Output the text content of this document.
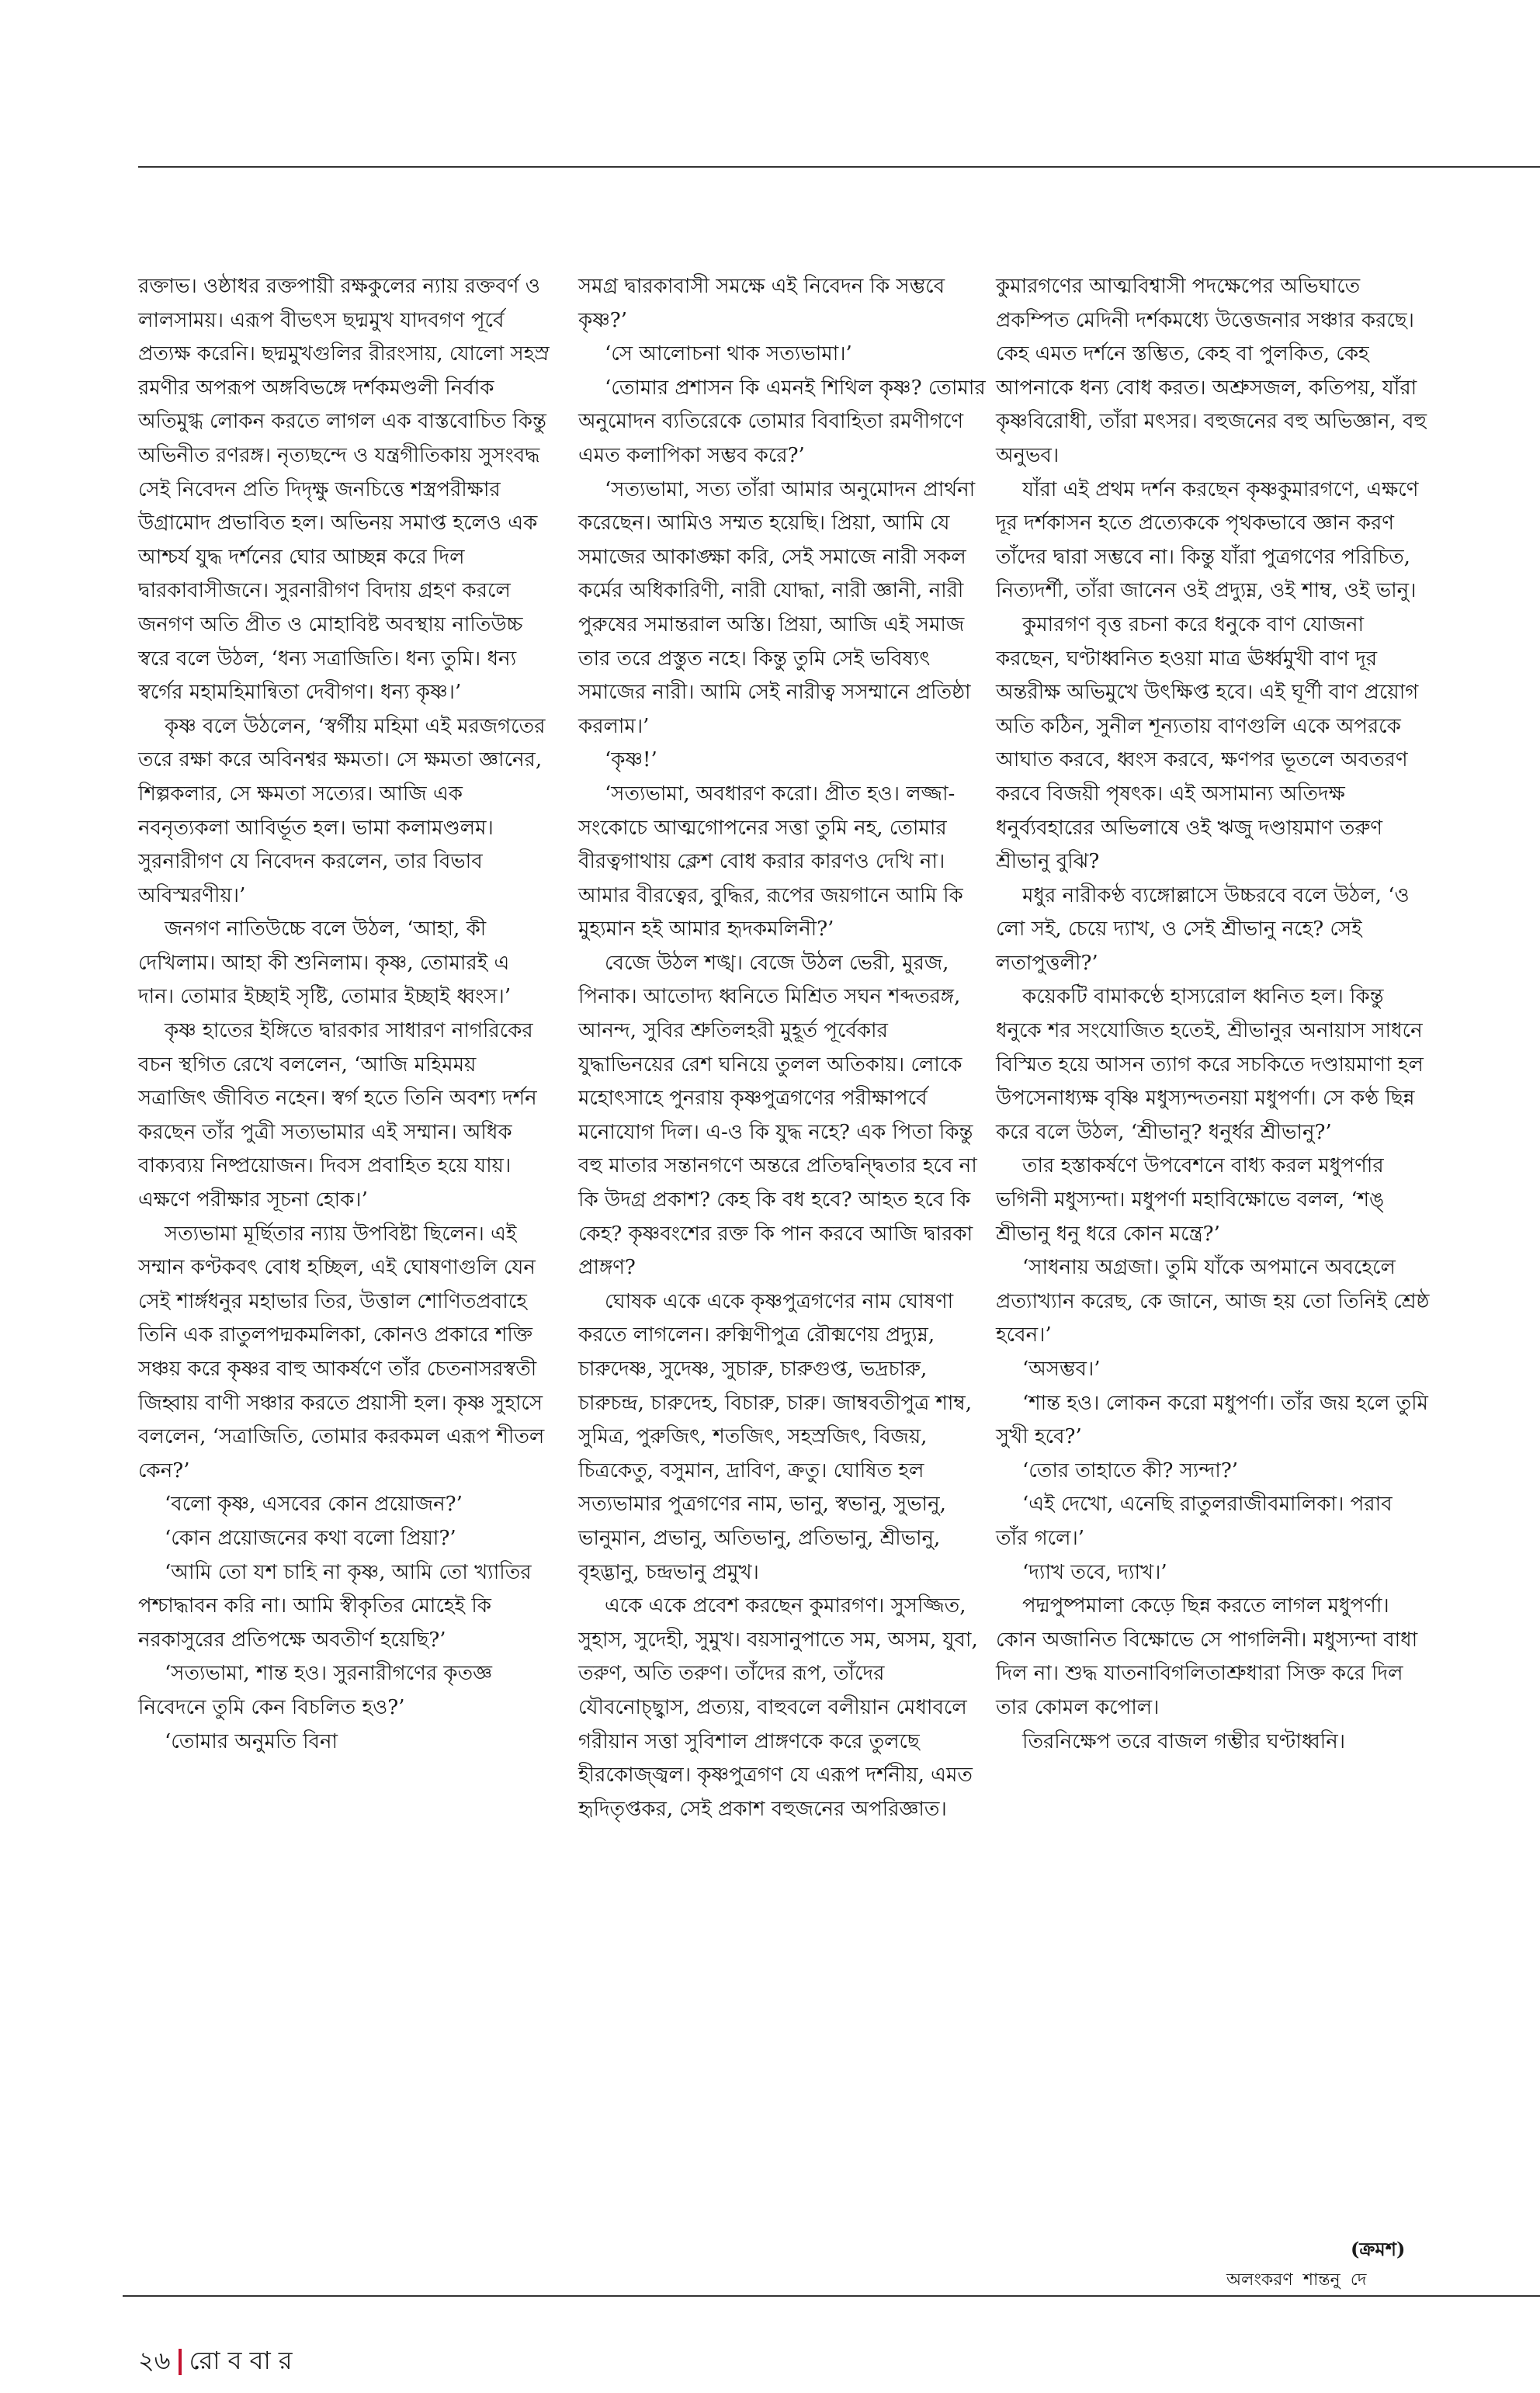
রক্তাভ। ওষ্ঠাধর রক্তপায়ী রক্ষকুলের ন্যায় রক্তবর্ণ ও লালসাময়। এরূপ বীভৎস ছদ্মমুখ যাদবগণ পূর্বে প্রত্যক্ষ করেনি। ছদ্মমুখগুলির রীরংসায়, যোলো সহস্র রমণীর অপরূপ অঙ্গবিভঙ্গে দর্শকমণ্ডলী নির্বাক অতিমুগ্ধ লোকন করতে লাগল এক বাস্তবোচিত কিন্তু অভিনীত রণরঙ্গ। নৃত্যছন্দে ও যন্ত্রগীতিকায় সুসংবদ্ধ সেই নিবেদন প্রতি দিদৃক্ষু জনচিত্তে শস্ত্রপরীক্ষার উগ্রামোদ প্রভাবিত হল। অভিনয় সমাপ্ত হলেও এক আশ্চর্য যুদ্ধ দর্শনের ঘোর আচ্ছন্ন করে দিল দ্বারকাবাসীজনে। সুরনারীগণ বিদায় গ্রহণ করলে জনগণ অতি প্রীত ও মোহাবিষ্ট অবস্থায় নাতিউচ্চ স্বরে বলে উঠল, ‘ধন্য সত্রাজিতি। ধন্য তুমি। ধন্য স্বর্গের মহামহিমান্বিতা দেবীগণ। ধন্য কৃষ্ণ।’

কৃষ্ণ বলে উঠলেন, ‘স্বর্গীয় মহিমা এই মরজগতের তরে রক্ষা করে অবিনশ্বর ক্ষমতা। সে ক্ষমতা জ্ঞানের, শিল্পকলার, সে ক্ষমতা সত্যের। আজি এক নবনৃত্যকলা আবির্ভূত হল। ভামা কলামণ্ডলম। সুরনারীগণ যে নিবেদন করলেন, তার বিভাব অবিস্মরণীয়।’

জনগণ নাতিউচ্চে বলে উঠল, ‘আহা, কী দেখিলাম। আহা কী শুনিলাম। কৃষ্ণ, তোমারই এ দান। তোমার ইচ্ছাই সৃষ্টি, তোমার ইচ্ছাই ধ্বংস।’

কৃষ্ণ হাতের ইঙ্গিতে দ্বারকার সাধারণ নাগরিকের বচন স্থগিত রেখে বললেন, ‘আজি মহিমময় সত্রাজিৎ জীবিত নহেন। স্বর্গ হতে তিনি অবশ্য দর্শন করছেন তাঁর পুত্রী সত্যভামার এই সম্মান। অধিক বাক্যব্যয় নিষ্প্রয়োজন। দিবস প্রবাহিত হয়ে যায়। এক্ষণে পরীক্ষার সূচনা হোক।’

সত্যভামা মূর্ছিতার ন্যায় উপবিষ্টা ছিলেন। এই সম্মান কণ্টকবৎ বোধ হচ্ছিল, এই ঘোষণাগুলি যেন সেই শার্ঙ্গধনুর মহাভার তির, উত্তাল শোণিতপ্রবাহে তিনি এক রাতুলপদ্মকমলিকা, কোনও প্রকারে শক্তি সঞ্চয় করে কৃষ্ণর বাহু আকর্ষণে তাঁর চেতনাসরস্বতী জিহ্বায় বাণী সঞ্চার করতে প্রয়াসী হল। কৃষ্ণ সুহাসে বললেন, ‘সত্রাজিতি, তোমার করকমল এরূপ শীতল কেন?’

‘বলো কৃষ্ণ, এসবের কোন প্রয়োজন?’

‘কোন প্রয়োজনের কথা বলো প্রিয়া?’

‘আমি তো যশ চাহি না কৃষ্ণ, আমি তো খ্যাতির পশ্চাদ্ধাবন করি না। আমি স্বীকৃতির মোহেই কি নরকাসুরের প্রতিপক্ষে অবতীর্ণ হয়েছি?’

‘সত্যভামা, শান্ত হও। সুরনারীগণের কৃতজ্ঞ নিবেদনে তুমি কেন বিচলিত হও?’

‘তোমার অনুমতি বিনা

সমগ্র দ্বারকাবাসী সমক্ষে এই নিবেদন কি সম্ভবে কৃষ্ণ?’

‘সে আলোচনা থাক সত্যভামা।’

‘তোমার প্রশাসন কি এমনই শিথিল কৃষ্ণ? তোমার অনুমোদন ব্যতিরেকে তোমার বিবাহিতা রমণীগণে এমত কলাপিকা সম্ভব করে?’

‘সত্যভামা, সত্য তাঁরা আমার অনুমোদন প্রার্থনা করেছেন। আমিও সম্মত হয়েছি। প্রিয়া, আমি যে সমাজের আকাঙ্ক্ষা করি, সেই সমাজে নারী সকল কর্মের অধিকারিণী, নারী যোদ্ধা, নারী জ্ঞানী, নারী পুরুষের সমান্তরাল অস্তি। প্রিয়া, আজি এই সমাজ তার তরে প্রস্তুত নহে। কিন্তু তুমি সেই ভবিষ্যৎ সমাজের নারী। আমি সেই নারীত্ব সসম্মানে প্রতিষ্ঠা করলাম।’

‘কৃষ্ণ!’

‘সত্যভামা, অবধারণ করো। প্রীত হও। লজ্জা-সংকোচে আত্মগোপনের সত্তা তুমি নহ, তোমার বীরত্বগাথায় ক্লেশ বোধ করার কারণও দেখি না। আমার বীরত্বের, বুদ্ধির, রূপের জয়গানে আমি কি মুহ্যমান হই আমার হৃদকমলিনী?’

বেজে উঠল শঙ্খ। বেজে উঠল ভেরী, মুরজ, পিনাক। আতোদ্য ধ্বনিতে মিশ্রিত সঘন শব্দতরঙ্গ, আনন্দ, সুবির শ্রুতিলহরী মুহূর্ত পূর্বেকার যুদ্ধাভিনয়ের রেশ ঘনিয়ে তুলল অতিকায়। লোকে মহোৎসাহে পুনরায় কৃষ্ণপুত্রগণের পরীক্ষাপর্বে মনোযোগ দিল। এ-ও কি যুদ্ধ নহে? এক পিতা কিন্তু বহু মাতার সন্তানগণে অন্তরে প্রতিদ্বন্দ্বিতার হবে না কি উদগ্র প্রকাশ? কেহ কি বধ হবে? আহত হবে কি কেহ? কৃষ্ণবংশের রক্ত কি পান করবে আজি দ্বারকা প্রাঙ্গণ?

ঘোষক একে একে কৃষ্ণপুত্রগণের নাম ঘোষণা করতে লাগলেন। রুক্মিণীপুত্র রৌক্মণেয় প্রদ্যুম্ন, চারুদেষ্ণ, সুদেষ্ণ, সুচারু, চারুগুপ্ত, ভদ্রচারু, চারুচন্দ্র, চারুদেহ, বিচারু, চারু। জাম্ববতীপুত্র শাম্ব, সুমিত্র, পুরুজিৎ, শতজিৎ, সহস্রজিৎ, বিজয়, চিত্রকেতু, বসুমান, দ্রাবিণ, ক্রতু। ঘোষিত হল সত্যভামার পুত্রগণের নাম, ভানু, স্বভানু, সুভানু, ভানুমান, প্রভানু, অতিভানু, প্রতিভানু, শ্রীভানু, বৃহদ্ভানু, চন্দ্রভানু প্রমুখ।

একে একে প্রবেশ করছেন কুমারগণ। সুসজ্জিত, সুহাস, সুদেহী, সুমুখ। বয়সানুপাতে সম, অসম, যুবা, তরুণ, অতি তরুণ। তাঁদের রূপ, তাঁদের যৌবনোচ্ছ্বাস, প্রত্যয়, বাহুবলে বলীয়ান মেধাবলে গরীয়ান সত্তা সুবিশাল প্রাঙ্গণকে করে তুলছে হীরকোজ্জ্বল। কৃষ্ণপুত্রগণ যে এরূপ দর্শনীয়, এমত হৃদিতৃপ্তকর, সেই প্রকাশ বহুজনের অপরিজ্ঞাত।

কুমারগণের আত্মবিশ্বাসী পদক্ষেপের অভিঘাতে প্রকম্পিত মেদিনী দর্শকমধ্যে উত্তেজনার সঞ্চার করছে। কেহ এমত দর্শনে স্তম্ভিত, কেহ বা পুলকিত, কেহ আপনাকে ধন্য বোধ করত। অশ্রুসজল, কতিপয়, যাঁরা কৃষ্ণবিরোধী, তাঁরা মৎসর। বহুজনের বহু অভিজ্ঞান, বহু অনুভব।

যাঁরা এই প্রথম দর্শন করছেন কৃষ্ণকুমারগণে, এক্ষণে দূর দর্শকাসন হতে প্রত্যেককে পৃথকভাবে জ্ঞান করণ তাঁদের দ্বারা সম্ভবে না। কিন্তু যাঁরা পুত্রগণের পরিচিত, নিত্যদর্শী, তাঁরা জানেন ওই প্রদ্যুম্ন, ওই শাম্ব, ওই ভানু।

কুমারগণ বৃত্ত রচনা করে ধনুকে বাণ যোজনা করছেন, ঘণ্টাধ্বনিত হওয়া মাত্র ঊর্ধ্বমুখী বাণ দূর অন্তরীক্ষ অভিমুখে উৎক্ষিপ্ত হবে। এই ঘূর্ণী বাণ প্রয়োগ অতি কঠিন, সুনীল শূন্যতায় বাণগুলি একে অপরকে আঘাত করবে, ধ্বংস করবে, ক্ষণপর ভূতলে অবতরণ করবে বিজয়ী পৃষৎক। এই অসামান্য অতিদক্ষ ধনুর্ব্যবহারের অভিলাষে ওই ঋজু দণ্ডায়মাণ তরুণ শ্রীভানু বুঝি?

মধুর নারীকণ্ঠ ব্যঙ্গোল্লাসে উচ্চরবে বলে উঠল, ‘ও লো সই, চেয়ে দ্যাখ, ও সেই শ্রীভানু নহে? সেই লতাপুত্তলী?’

কয়েকটি বামাকণ্ঠে হাস্যরোল ধ্বনিত হল। কিন্তু ধনুকে শর সংযোজিত হতেই, শ্রীভানুর অনায়াস সাধনে বিস্মিত হয়ে আসন ত্যাগ করে সচকিতে দণ্ডায়মাণা হল উপসেনাধ্যক্ষ বৃষ্ণি মধুস্যন্দতনয়া মধুপর্ণা। সে কণ্ঠ ছিন্ন করে বলে উঠল, ‘শ্রীভানু? ধনুর্ধর শ্রীভানু?’

তার হস্তাকর্ষণে উপবেশনে বাধ্য করল মধুপর্ণার ভগিনী মধুস্যন্দা। মধুপর্ণা মহাবিক্ষোভে বলল, ‘শঙ্ শ্রীভানু ধনু ধরে কোন মন্ত্রে?’

‘সাধনায় অগ্রজা। তুমি যাঁকে অপমানে অবহেলে প্রত্যাখ্যান করেছ, কে জানে, আজ হয় তো তিনিই শ্রেষ্ঠ হবেন।’

‘অসম্ভব।’

‘শান্ত হও। লোকন করো মধুপর্ণা। তাঁর জয় হলে তুমি সুখী হবে?’

‘তোর তাহাতে কী? স্যন্দা?’

‘এই দেখো, এনেছি রাতুলরাজীবমালিকা। পরাব তাঁর গলে।’

‘দ্যাখ তবে, দ্যাখ।’

পদ্মপুষ্পমালা কেড়ে ছিন্ন করতে লাগল মধুপর্ণা। কোন অজানিত বিক্ষোভে সে পাগলিনী। মধুস্যন্দা বাধা দিল না। শুদ্ধ যাতনাবিগলিতাশ্রুধারা সিক্ত করে দিল তার কোমল কপোল।

তিরনিক্ষেপ তরে বাজল গম্ভীর ঘণ্টাধ্বনি।

(ক্রমশ)
অলংকরণ শান্তনু দে
২৬ রো ব বা র
